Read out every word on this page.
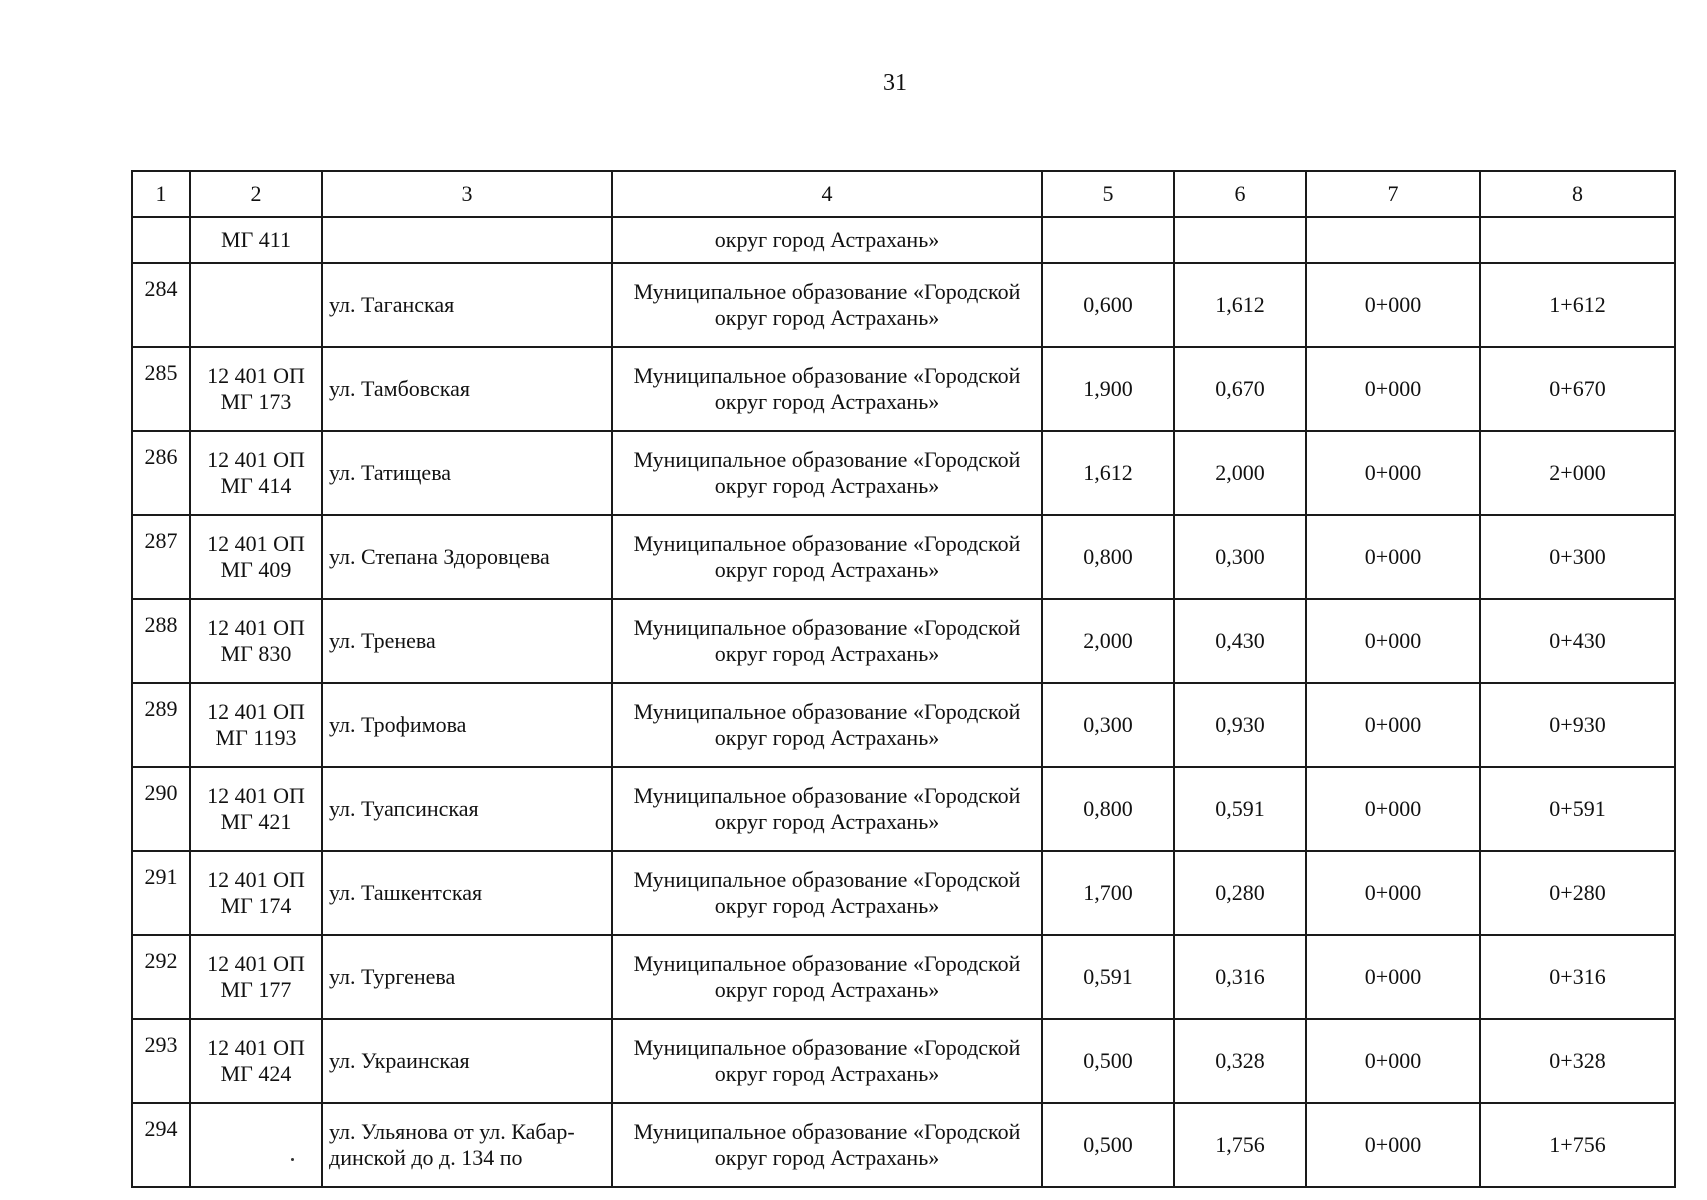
31
1	2	3	4	5	6	7	8
	МГ 411		округ город Астрахань»				
284		ул. Таганская	Муниципальное образование «Городской
округ город Астрахань»	0,600	1,612	0+000	1+612
285	12 401 ОП
МГ 173	ул. Тамбовская	Муниципальное образование «Городской
округ город Астрахань»	1,900	0,670	0+000	0+670
286	12 401 ОП
МГ 414	ул. Татищева	Муниципальное образование «Городской
округ город Астрахань»	1,612	2,000	0+000	2+000
287	12 401 ОП
МГ 409	ул. Степана Здоровцева	Муниципальное образование «Городской
округ город Астрахань»	0,800	0,300	0+000	0+300
288	12 401 ОП
МГ 830	ул. Тренева	Муниципальное образование «Городской
округ город Астрахань»	2,000	0,430	0+000	0+430
289	12 401 ОП
МГ 1193	ул. Трофимова	Муниципальное образование «Городской
округ город Астрахань»	0,300	0,930	0+000	0+930
290	12 401 ОП
МГ 421	ул. Туапсинская	Муниципальное образование «Городской
округ город Астрахань»	0,800	0,591	0+000	0+591
291	12 401 ОП
МГ 174	ул. Ташкентская	Муниципальное образование «Городской
округ город Астрахань»	1,700	0,280	0+000	0+280
292	12 401 ОП
МГ 177	ул. Тургенева	Муниципальное образование «Городской
округ город Астрахань»	0,591	0,316	0+000	0+316
293	12 401 ОП
МГ 424	ул. Украинская	Муниципальное образование «Городской
округ город Астрахань»	0,500	0,328	0+000	0+328
294		ул. Ульянова от ул. Кабар-
динской до д. 134 по	Муниципальное образование «Городской
округ город Астрахань»	0,500	1,756	0+000	1+756
